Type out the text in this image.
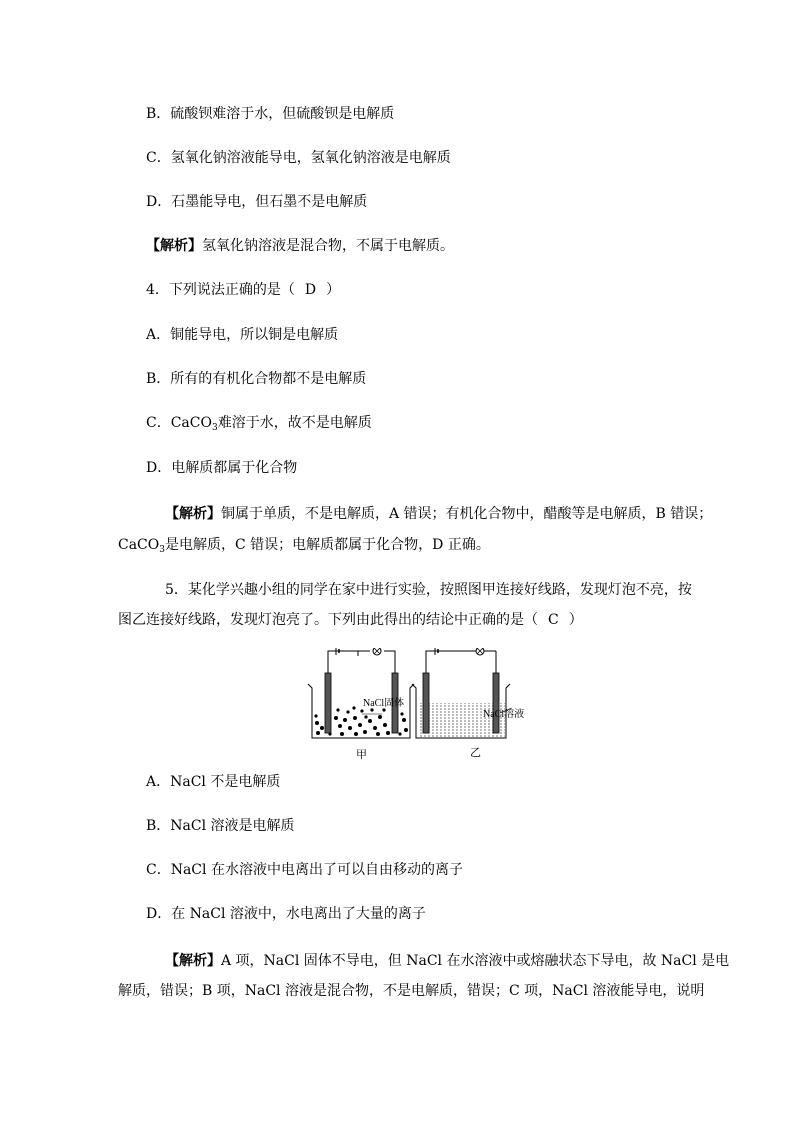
B．硫酸钡难溶于水，但硫酸钡是电解质
C．氢氧化钠溶液能导电，氢氧化钠溶液是电解质
D．石墨能导电，但石墨不是电解质
【解析】氢氧化钠溶液是混合物，不属于电解质。
4．下列说法正确的是（ D ）
A．铜能导电，所以铜是电解质
B．所有的有机化合物都不是电解质
C．CaCO$_3$难溶于水，故不是电解质
D．电解质都属于化合物
【解析】铜属于单质，不是电解质，A 错误；有机化合物中，醋酸等是电解质，B 错误；
CaCO$_3$是电解质，C 错误；电解质都属于化合物，D 正确。
5．某化学兴趣小组的同学在家中进行实验，按照图甲连接好线路，发现灯泡不亮，按
图乙连接好线路，发现灯泡亮了。下列由此得出的结论中正确的是（ C ）
NaCl固体
甲	乙
NaCl溶液
A．NaCl 不是电解质
B．NaCl 溶液是电解质
C．NaCl 在水溶液中电离出了可以自由移动的离子
D．在 NaCl 溶液中，水电离出了大量的离子
【解析】A 项，NaCl 固体不导电，但 NaCl 在水溶液中或熔融状态下导电，故 NaCl 是电
解质，错误；B 项，NaCl 溶液是混合物，不是电解质，错误；C 项，NaCl 溶液能导电，说明
